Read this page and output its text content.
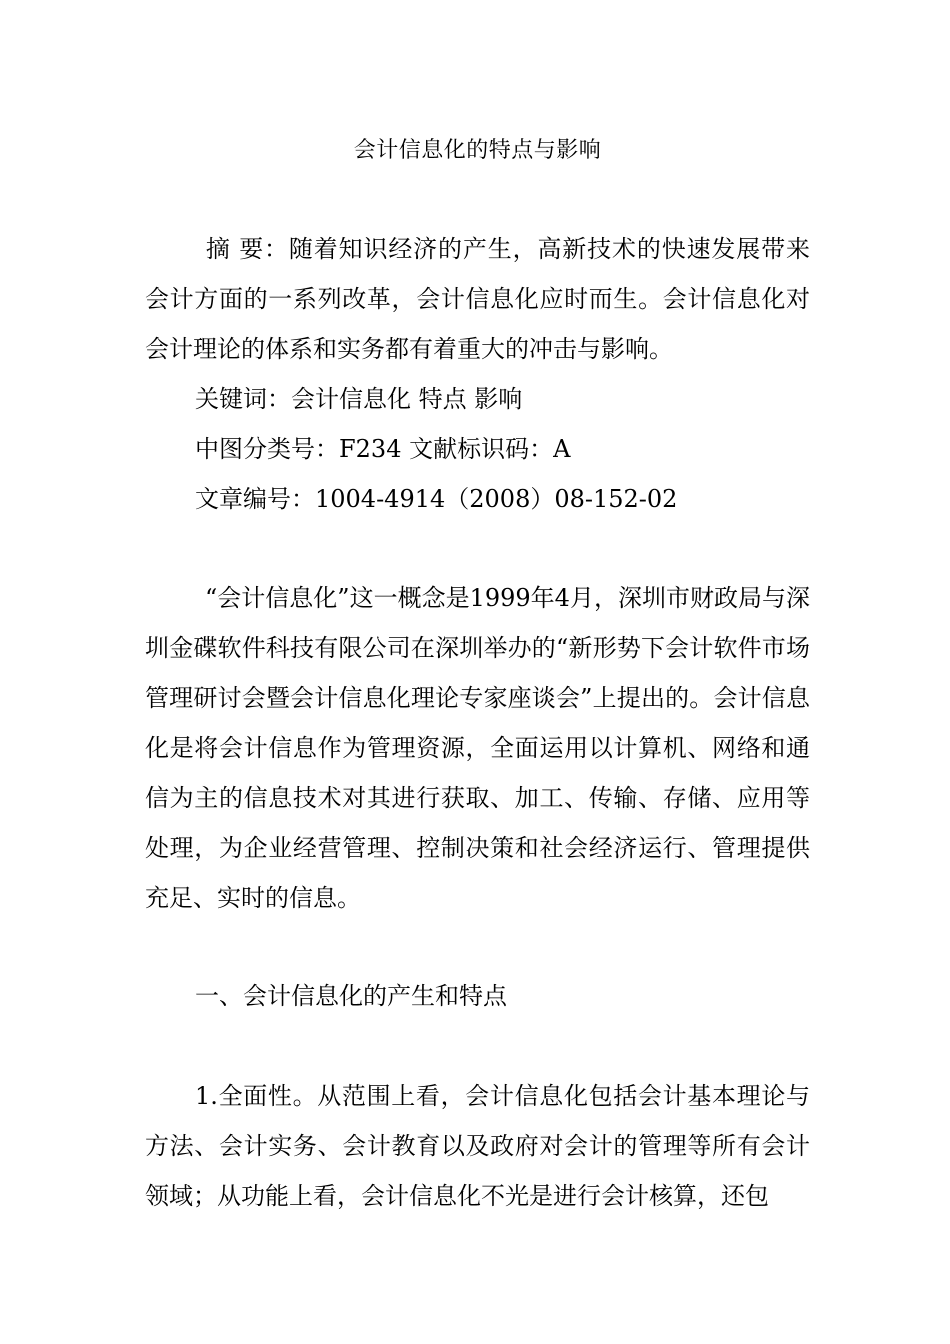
会计信息化的特点与影响
摘 要：随着知识经济的产生，高新技术的快速发展带来会计方面的一系列改革，会计信息化应时而生。会计信息化对会计理论的体系和实务都有着重大的冲击与影响。
关键词：会计信息化 特点 影响
中图分类号：F234 文献标识码：A
文章编号：1004-4914（2008）08-152-02
“会计信息化”这一概念是1999年4月，深圳市财政局与深圳金碟软件科技有限公司在深圳举办的“新形势下会计软件市场管理研讨会暨会计信息化理论专家座谈会”上提出的。会计信息化是将会计信息作为管理资源，全面运用以计算机、网络和通信为主的信息技术对其进行获取、加工、传输、存储、应用等处理，为企业经营管理、控制决策和社会经济运行、管理提供充足、实时的信息。
一、会计信息化的产生和特点
1.全面性。从范围上看，会计信息化包括会计基本理论与方法、会计实务、会计教育以及政府对会计的管理等所有会计领域；从功能上看，会计信息化不光是进行会计核算，还包
